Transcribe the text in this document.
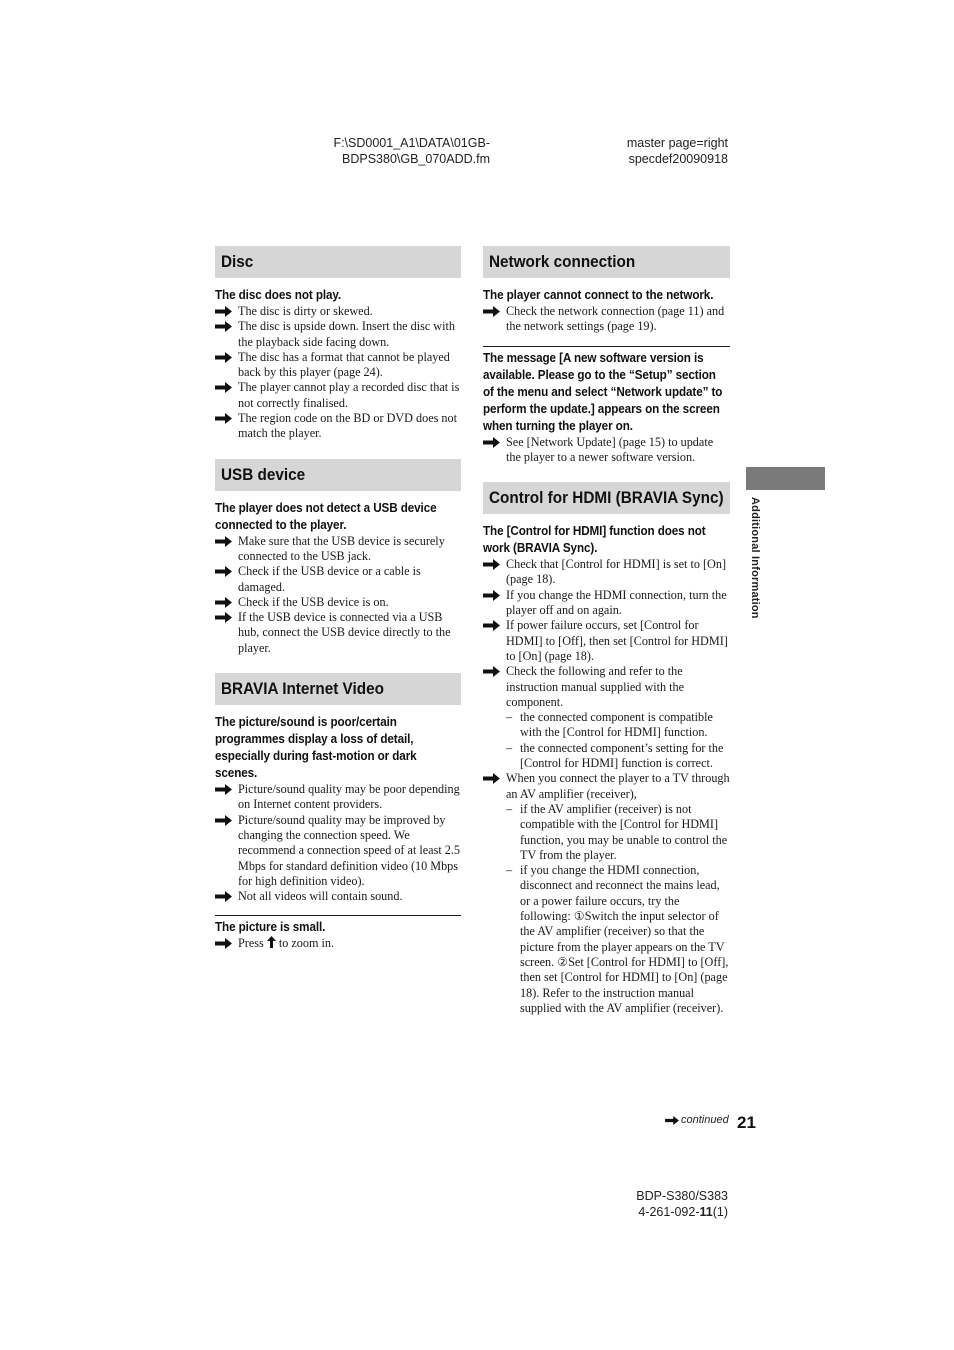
F:\SD0001_A1\DATA\01GB-
BDPS380\GB_070ADD.fm
master page=right
specdef20090918
Disc
The disc does not play.
The disc is dirty or skewed.
The disc is upside down. Insert the disc with the playback side facing down.
The disc has a format that cannot be played back by this player (page 24).
The player cannot play a recorded disc that is not correctly finalised.
The region code on the BD or DVD does not match the player.
USB device
The player does not detect a USB device connected to the player.
Make sure that the USB device is securely connected to the USB jack.
Check if the USB device or a cable is damaged.
Check if the USB device is on.
If the USB device is connected via a USB hub, connect the USB device directly to the player.
BRAVIA Internet Video
The picture/sound is poor/certain programmes display a loss of detail, especially during fast-motion or dark scenes.
Picture/sound quality may be poor depending on Internet content providers.
Picture/sound quality may be improved by changing the connection speed. We recommend a connection speed of at least 2.5 Mbps for standard definition video (10 Mbps for high definition video).
Not all videos will contain sound.
The picture is small.
Press to zoom in.
Network connection
The player cannot connect to the network.
Check the network connection (page 11) and the network settings (page 19).
The message [A new software version is available. Please go to the “Setup” section of the menu and select “Network update” to perform the update.] appears on the screen when turning the player on.
See [Network Update] (page 15) to update the player to a newer software version.
Control for HDMI (BRAVIA Sync)
The [Control for HDMI] function does not work (BRAVIA Sync).
Check that [Control for HDMI] is set to [On] (page 18).
If you change the HDMI connection, turn the player off and on again.
If power failure occurs, set [Control for HDMI] to [Off], then set [Control for HDMI] to [On] (page 18).
Check the following and refer to the instruction manual supplied with the component.
– the connected component is compatible with the [Control for HDMI] function.
– the connected component’s setting for the [Control for HDMI] function is correct.
When you connect the player to a TV through an AV amplifier (receiver),
– if the AV amplifier (receiver) is not compatible with the [Control for HDMI] function, you may be unable to control the TV from the player.
– if you change the HDMI connection, disconnect and reconnect the mains lead, or a power failure occurs, try the following: ①Switch the input selector of the AV amplifier (receiver) so that the picture from the player appears on the TV screen. ②Set [Control for HDMI] to [Off], then set [Control for HDMI] to [On] (page 18). Refer to the instruction manual supplied with the AV amplifier (receiver).
Additional Information
continued 21
BDP-S380/S383
4-261-092-11(1)
